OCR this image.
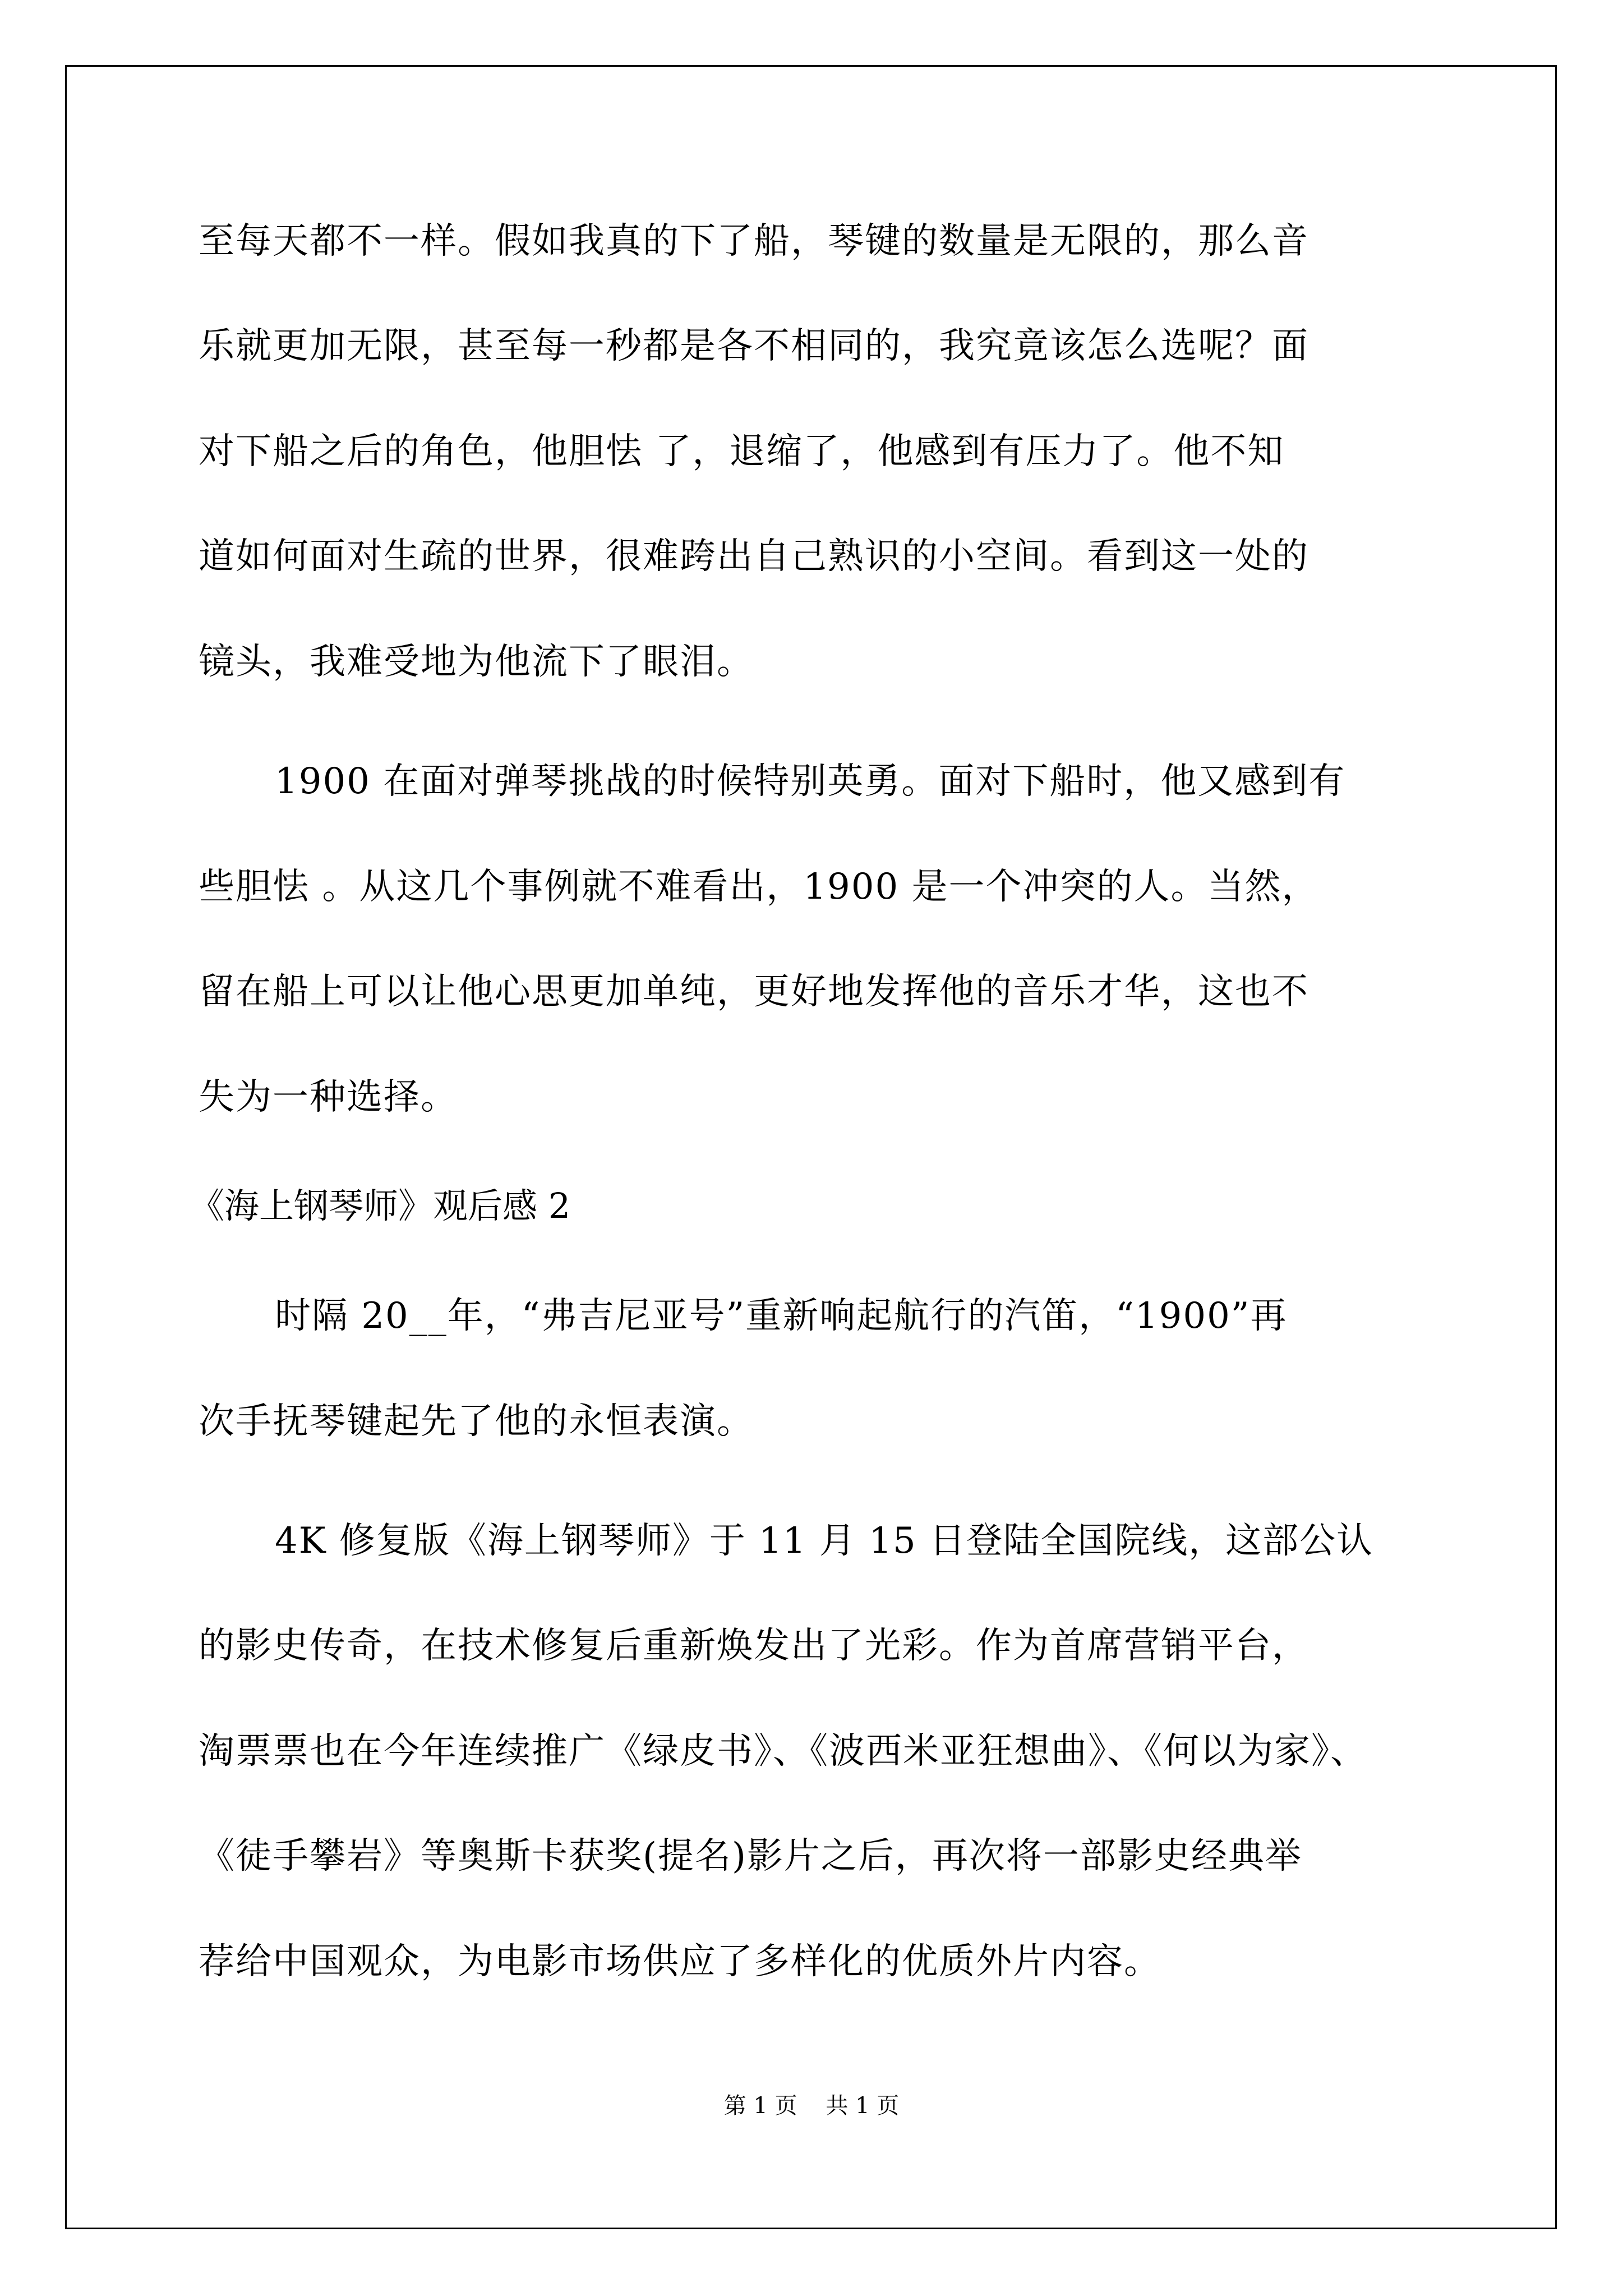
至每天都不一样。假如我真的下了船，琴键的数量是无限的，那么音
乐就更加无限，甚至每一秒都是各不相同的，我究竟该怎么选呢？面
对下船之后的角色，他胆怯 了，退缩了，他感到有压力了。他不知
道如何面对生疏的世界，很难跨出自己熟识的小空间。看到这一处的
镜头，我难受地为他流下了眼泪。
1900 在面对弹琴挑战的时候特别英勇。面对下船时，他又感到有
些胆怯 。从这几个事例就不难看出，1900 是一个冲突的人。当然，
留在船上可以让他心思更加单纯，更好地发挥他的音乐才华，这也不
失为一种选择。
《海上钢琴师》观后感 2
时隔 20__年，“弗吉尼亚号”重新响起航行的汽笛，“1900”再
次手抚琴键起先了他的永恒表演。
4K 修复版《海上钢琴师》于 11 月 15 日登陆全国院线，这部公认
的影史传奇，在技术修复后重新焕发出了光彩。作为首席营销平台，
淘票票也在今年连续推广《绿皮书》、《波西米亚狂想曲》、《何以为家》、
《徒手攀岩》等奥斯卡获奖(提名)影片之后，再次将一部影史经典举
荐给中国观众，为电影市场供应了多样化的优质外片内容。
第 1 页    共 1 页
